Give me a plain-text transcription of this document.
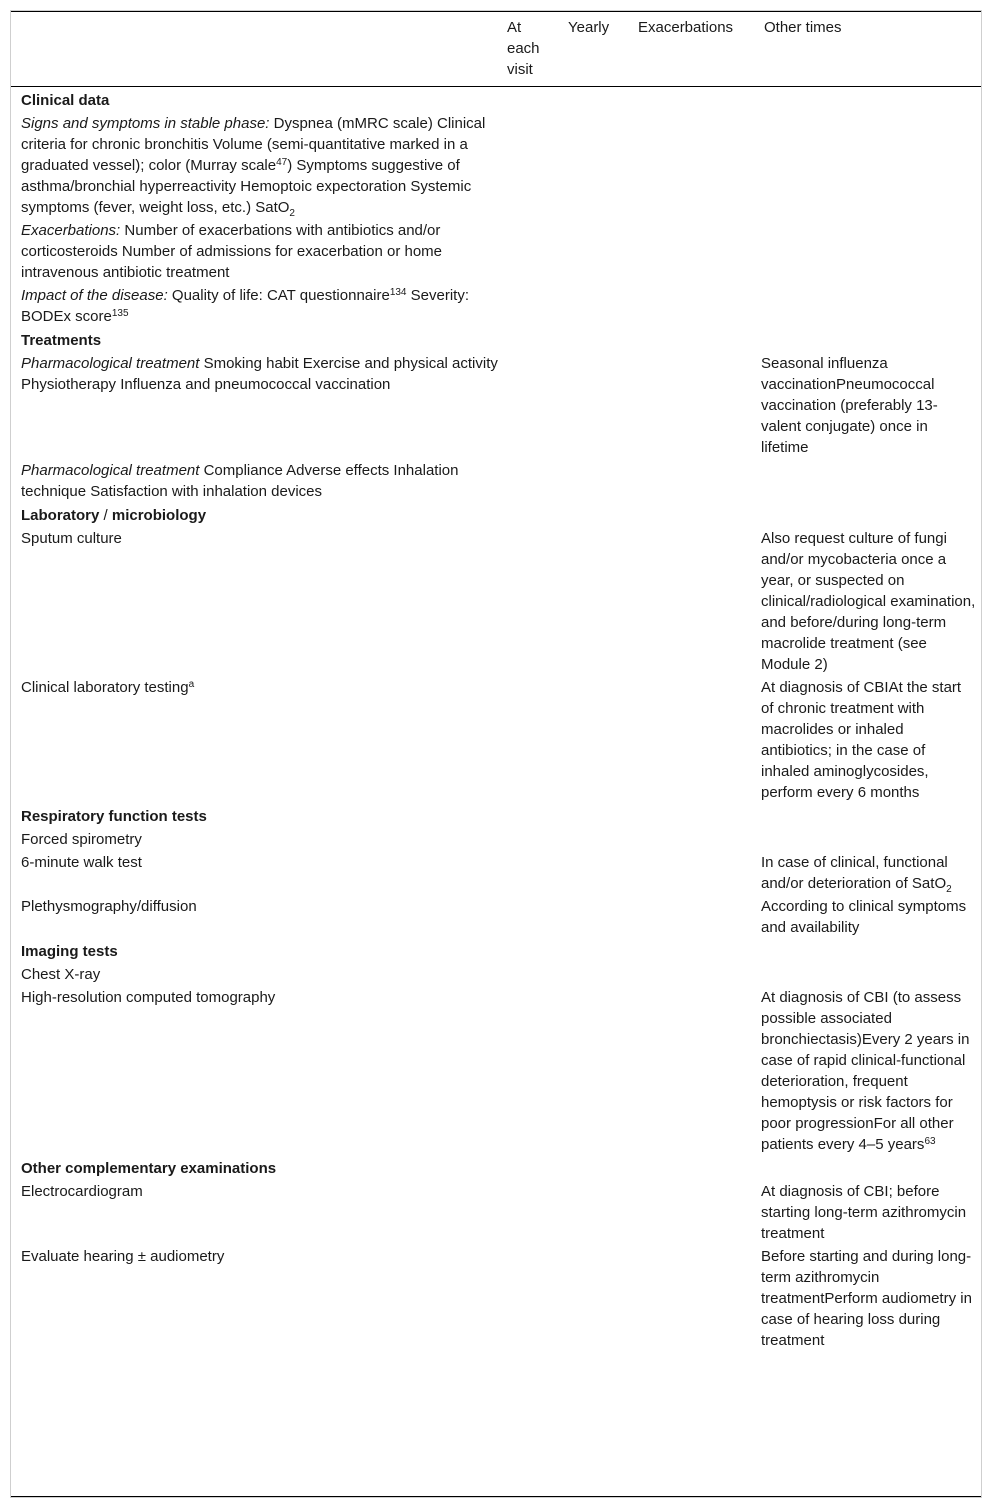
	At each visit	Yearly	Exacerbations	Other times
Clinical data				
Signs and symptoms in stable phase: Dyspnea (mMRC scale) Clinical criteria for chronic bronchitis Volume (semi-quantitative marked in a graduated vessel); color (Murray scale$^{47}$) Symptoms suggestive of asthma/bronchial hyperreactivity Hemoptoic expectoration Systemic symptoms (fever, weight loss, etc.) SatO$_2$				
Exacerbations: Number of exacerbations with antibiotics and/or corticosteroids Number of admissions for exacerbation or home intravenous antibiotic treatment				
Impact of the disease: Quality of life: CAT questionnaire$^{134}$ Severity: BODEx score$^{135}$				
Treatments				
Pharmacological treatment Smoking habit Exercise and physical activity Physiotherapy Influenza and pneumococcal vaccination				Seasonal influenza vaccinationPneumococcal vaccination (preferably 13-valent conjugate) once in lifetime
Pharmacological treatment Compliance Adverse effects Inhalation technique Satisfaction with inhalation devices				
Laboratory / microbiology				
Sputum culture				Also request culture of fungi and/or mycobacteria once a year, or suspected on clinical/radiological examination, and before/during long-term macrolide treatment (see Module 2)
Clinical laboratory testing$^a$				At diagnosis of CBIAt the start of chronic treatment with macrolides or inhaled antibiotics; in the case of inhaled aminoglycosides, perform every 6 months
Respiratory function tests				
Forced spirometry				
6-minute walk test				In case of clinical, functional and/or deterioration of SatO$_2$
Plethysmography/diffusion				According to clinical symptoms and availability
Imaging tests				
Chest X-ray				
High-resolution computed tomography				At diagnosis of CBI (to assess possible associated bronchiectasis)Every 2 years in case of rapid clinical-functional deterioration, frequent hemoptysis or risk factors for poor progressionFor all other patients every 4–5 years$^{63}$
Other complementary examinations				
Electrocardiogram				At diagnosis of CBI; before starting long-term azithromycin treatment
Evaluate hearing ± audiometry				Before starting and during long-term azithromycin treatmentPerform audiometry in case of hearing loss during treatment
